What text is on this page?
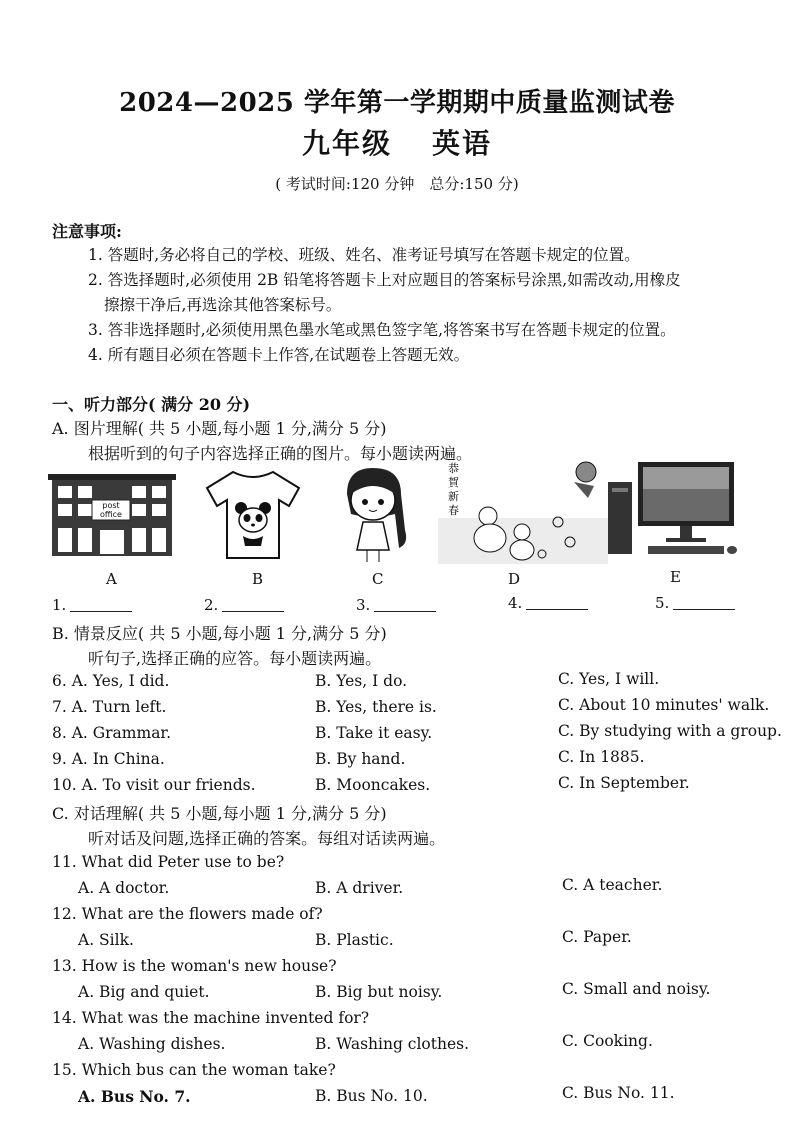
2024—2025 学年第一学期期中质量监测试卷
九年级 英语
( 考试时间:120 分钟　总分:150 分)
注意事项:
1. 答题时,务必将自己的学校、班级、姓名、准考证号填写在答题卡规定的位置。
2. 答选择题时,必须使用 2B 铅笔将答题卡上对应题目的答案标号涂黑,如需改动,用橡皮
擦擦干净后,再选涂其他答案标号。
3. 答非选择题时,必须使用黑色墨水笔或黑色签字笔,将答案书写在答题卡规定的位置。
4. 所有题目必须在答题卡上作答,在试题卷上答题无效。
一、听力部分( 满分 20 分)
A. 图片理解( 共 5 小题,每小题 1 分,满分 5 分)
根据听到的句子内容选择正确的图片。每小题读两遍。
post
office
恭
賀
新
春
A	B	C	D	E
1.	2.	3.	4.	5.
B. 情景反应( 共 5 小题,每小题 1 分,满分 5 分)
听句子,选择正确的应答。每小题读两遍。
6. A. Yes, I did.	B. Yes, I do.	C. Yes, I will.
7. A. Turn left.	B. Yes, there is.	C. About 10 minutes' walk.
8. A. Grammar.	B. Take it easy.	C. By studying with a group.
9. A. In China.	B. By hand.	C. In 1885.
10. A. To visit our friends.	B. Mooncakes.	C. In September.
C. 对话理解( 共 5 小题,每小题 1 分,满分 5 分)
听对话及问题,选择正确的答案。每组对话读两遍。
11. What did Peter use to be?
A. A doctor.	B. A driver.	C. A teacher.
12. What are the flowers made of?
A. Silk.	B. Plastic.	C. Paper.
13. How is the woman's new house?
A. Big and quiet.	B. Big but noisy.	C. Small and noisy.
14. What was the machine invented for?
A. Washing dishes.	B. Washing clothes.	C. Cooking.
15. Which bus can the woman take?
A. Bus No. 7.	B. Bus No. 10.	C. Bus No. 11.
